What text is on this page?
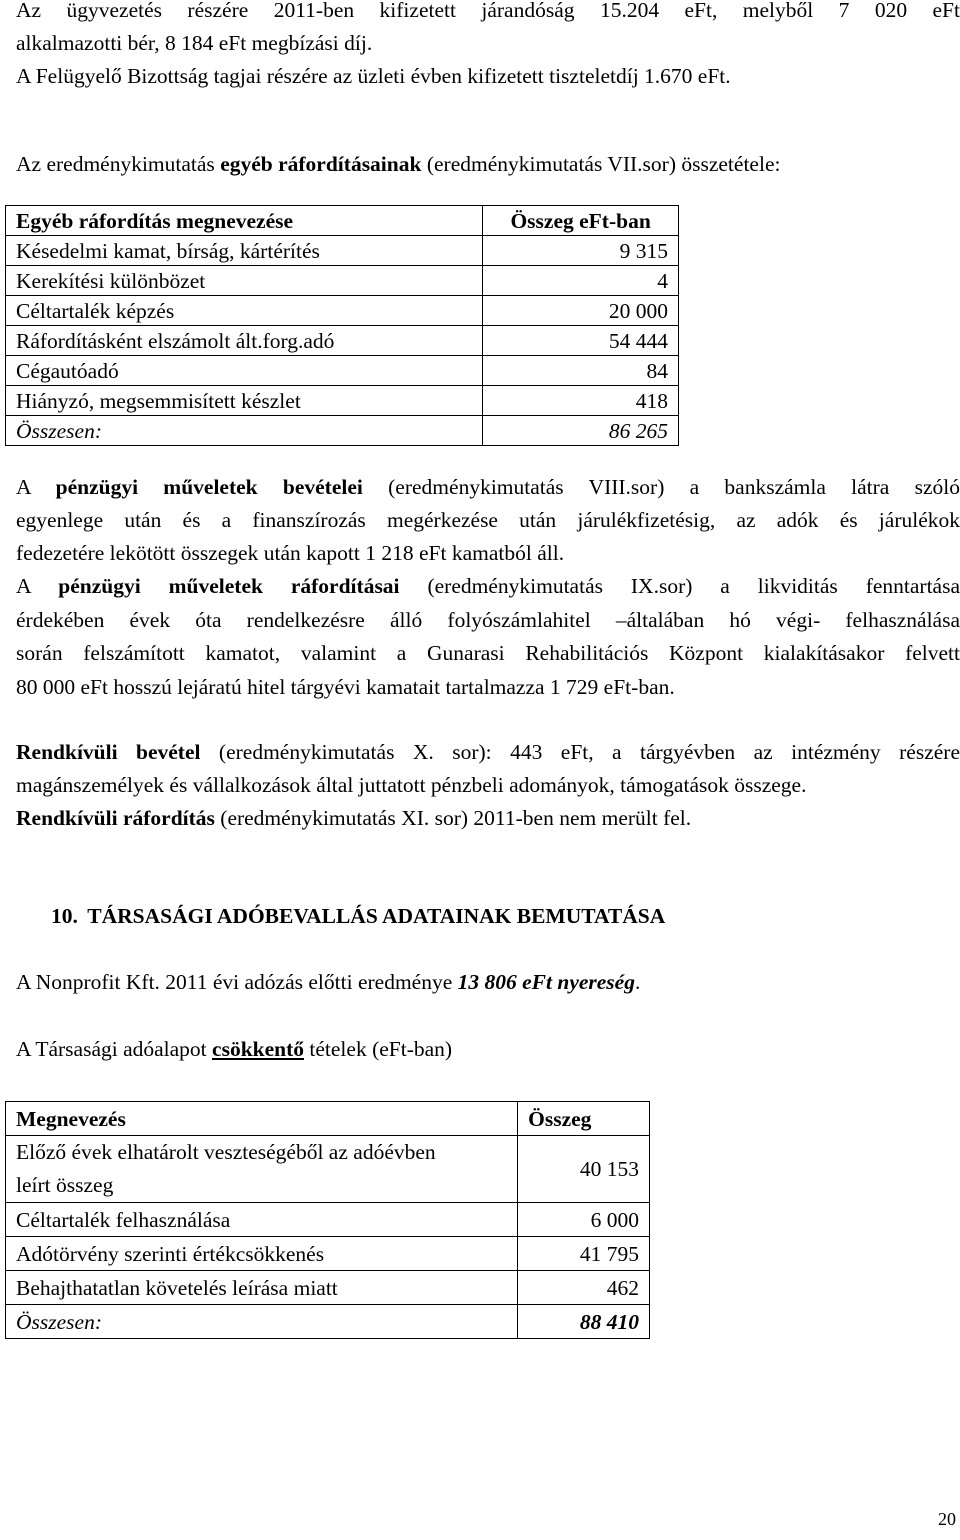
Az ügyvezetés részére 2011-ben kifizetett járandóság 15.204 eFt, melyből 7 020 eFt
alkalmazotti bér, 8 184 eFt megbízási díj.
A Felügyelő Bizottság tagjai részére az üzleti évben kifizetett tiszteletdíj 1.670 eFt.
Az eredménykimutatás egyéb ráfordításainak (eredménykimutatás VII.sor) összetétele:
Egyéb ráfordítás megnevezése	Összeg eFt-ban
Késedelmi kamat, bírság, kártérítés	9 315
Kerekítési különbözet	4
Céltartalék képzés	20 000
Ráfordításként elszámolt ált.forg.adó	54 444
Cégautóadó	84
Hiányzó, megsemmisített készlet	418
Összesen:	86 265
A pénzügyi műveletek bevételei (eredménykimutatás VIII.sor) a bankszámla látra szóló
egyenlege után és a finanszírozás megérkezése után járulékfizetésig, az adók és járulékok
fedezetére lekötött összegek után kapott 1 218 eFt kamatból áll.
A pénzügyi műveletek ráfordításai (eredménykimutatás IX.sor) a likviditás fenntartása
érdekében évek óta rendelkezésre álló folyószámlahitel –általában hó végi- felhasználása
során felszámított kamatot, valamint a Gunarasi Rehabilitációs Központ kialakításakor felvett
80 000 eFt hosszú lejáratú hitel tárgyévi kamatait tartalmazza 1 729 eFt-ban.
Rendkívüli bevétel (eredménykimutatás X. sor): 443 eFt, a tárgyévben az intézmény részére
magánszemélyek és vállalkozások által juttatott pénzbeli adományok, támogatások összege.
Rendkívüli ráfordítás (eredménykimutatás XI. sor) 2011-ben nem merült fel.
10. TÁRSASÁGI ADÓBEVALLÁS ADATAINAK BEMUTATÁSA
A Nonprofit Kft. 2011 évi adózás előtti eredménye 13 806 eFt nyereség.
A Társasági adóalapot csökkentő tételek (eFt-ban)
Megnevezés	Összeg

Előző évek elhatárolt veszteségéből az adóévben
leírt összeg	40 153
Céltartalék felhasználása	6 000
Adótörvény szerinti értékcsökkenés	41 795
Behajthatatlan követelés leírása miatt	462
Összesen:	88 410
20
